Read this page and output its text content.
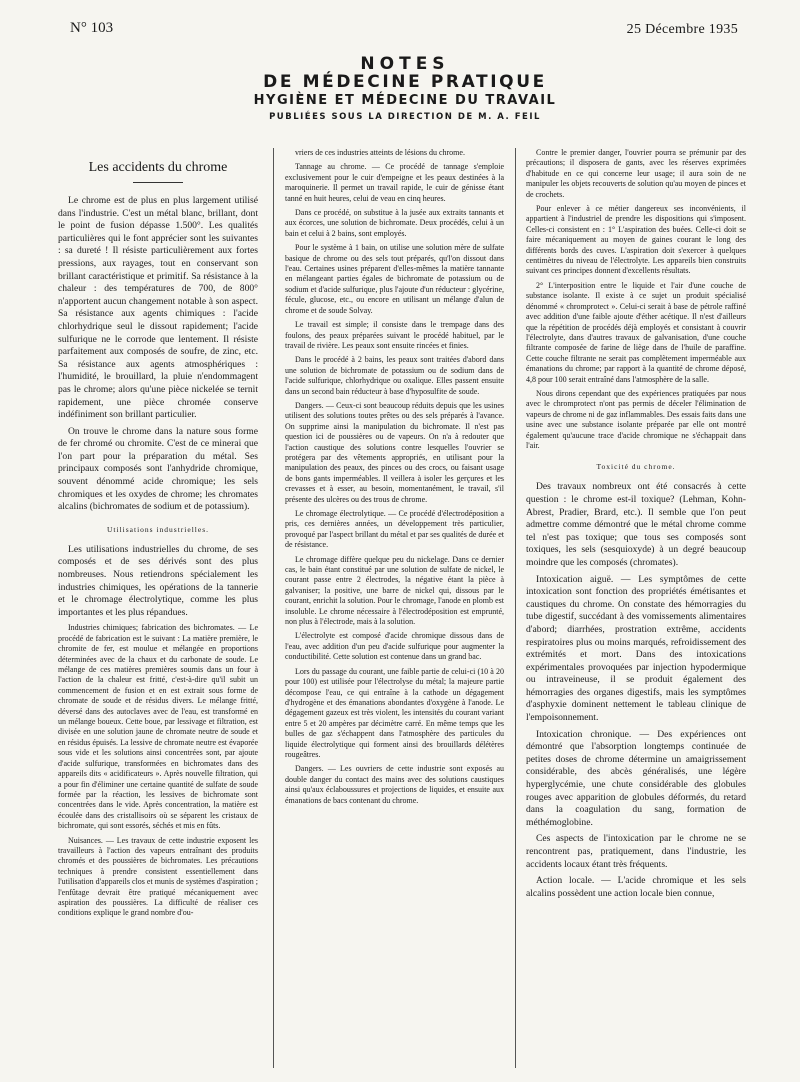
N° 103	25 Décembre 1935
NOTES
DE MÉDECINE PRATIQUE
HYGIÈNE ET MÉDECINE DU TRAVAIL
PUBLIÉES SOUS LA DIRECTION DE M. A. FEIL
Les accidents du chrome

Le chrome est de plus en plus largement utilisé dans l'industrie. C'est un métal blanc, brillant, dont le point de fusion dépasse 1.500°. Les qualités particulières qui le font apprécier sont les suivantes : sa dureté ! Il résiste particulièrement aux fortes pressions, aux rayages, tout en conservant son brillant caractéristique et primitif. Sa résistance à la chaleur : des températures de 700, de 800° n'apportent aucun changement notable à son aspect. Sa résistance aux agents chimiques : l'acide chlorhydrique seul le dissout rapidement; l'acide sulfurique ne le corrode que lentement. Il résiste parfaitement aux composés de soufre, de zinc, etc. Sa résistance aux agents atmosphériques : l'humidité, le brouillard, la pluie n'endommagent pas le chrome; alors qu'une pièce nickelée se ternit rapidement, une pièce chromée conserve indéfiniment son brillant particulier.

On trouve le chrome dans la nature sous forme de fer chromé ou chromite. C'est de ce minerai que l'on part pour la préparation du métal. Ses principaux composés sont l'anhydride chromique, souvent dénommé acide chromique; les sels chromiques et les oxydes de chrome; les chromates alcalins (bichromates de sodium et de potassium).

Utilisations industrielles.

Les utilisations industrielles du chrome, de ses composés et de ses dérivés sont des plus nombreuses. Nous retiendrons spécialement les industries chimiques, les opérations de la tannerie et le chromage électrolytique, comme les plus importantes et les plus répandues.

Industries chimiques; fabrication des bichromates. — Le procédé de fabrication est le suivant : La matière première, le chromite de fer, est moulue et mélangée en proportions déterminées avec de la chaux et du carbonate de soude. Le mélange de ces matières premières soumis dans un four à l'action de la chaleur est fritté, c'est-à-dire qu'il subit un commencement de fusion et en est extrait sous forme de chromate de soude et de résidus divers. Le mélange fritté, déversé dans des autoclaves avec de l'eau, est transformé en un mélange boueux. Cette boue, par lessivage et filtration, est divisée en une solution jaune de chromate neutre de soude et en résidus épuisés. La lessive de chromate neutre est évaporée sous vide et les solutions ainsi concentrées sont, par ajoute d'acide sulfurique, transformées en bichromates dans des appareils dits « acidificateurs ». Après nouvelle filtration, qui a pour fin d'éliminer une certaine quantité de sulfate de soude formée par la réaction, les lessives de bichromate sont concentrées dans le vide. Après concentration, la matière est écoulée dans des cristallisoirs où se séparent les cristaux de bichromate, qui sont essorés, séchés et mis en fûts.

Nuisances. — Les travaux de cette industrie exposent les travailleurs à l'action des vapeurs entraînant des produits chromés et des poussières de bichromates. Les précautions techniques à prendre consistent essentiellement dans l'utilisation d'appareils clos et munis de systèmes d'aspiration ; l'enfûtage devrait être pratiqué mécaniquement avec aspiration des poussières. La difficulté de réaliser ces conditions explique le grand nombre d'ou-

vriers de ces industries atteints de lésions du chrome.

Tannage au chrome. — Ce procédé de tannage s'emploie exclusivement pour le cuir d'empeigne et les peaux destinées à la maroquinerie. Il permet un travail rapide, le cuir de génisse étant tanné en huit heures, celui de veau en cinq heures.

Dans ce procédé, on substitue à la jusée aux extraits tannants et aux écorces, une solution de bichromate. Deux procédés, celui à un bain et celui à 2 bains, sont employés.

Pour le système à 1 bain, on utilise une solution mère de sulfate basique de chrome ou des sels tout préparés, qu'l'on dissout dans l'eau. Certaines usines préparent d'elles-mêmes la matière tannante en mélangeant parties égales de bichromate de potassium ou de sodium et d'acide sulfurique, plus l'ajoute d'un réducteur : glycérine, fécule, glucose, etc., ou encore en utilisant un mélange d'alun de chrome et de soude Solvay.

Le travail est simple; il consiste dans le trempage dans des foulons, des peaux préparées suivant le procédé habituel, par le travail de rivière. Les peaux sont ensuite rincées et finies.

Dans le procédé à 2 bains, les peaux sont traitées d'abord dans une solution de bichromate de potassium ou de sodium dans de l'acide sulfurique, chlorhydrique ou oxalique. Elles passent ensuite dans un second bain réducteur à base d'hyposulfite de soude.

Dangers. — Ceux-ci sont beaucoup réduits depuis que les usines utilisent des solutions toutes prêtes ou des sels préparés à l'avance. On supprime ainsi la manipulation du bichromate. Il n'est pas question ici de poussières ou de vapeurs. On n'a à redouter que l'action caustique des solutions contre lesquelles l'ouvrier se protégera par des vêtements appropriés, en utilisant pour la manipulation des peaux, des pinces ou des crocs, ou faisant usage de bons gants imperméables. Il veillera à isoler les gerçures et les crevasses et à esser, au besoin, momentanément, le travail, s'il présente des ulcères ou des trous de chrome.

Le chromage électrolytique. — Ce procédé d'électrodéposition a pris, ces dernières années, un développement très particulier, provoqué par l'aspect brillant du métal et par ses qualités de durée et de résistance.

Le chromage diffère quelque peu du nickelage. Dans ce dernier cas, le bain étant constitué par une solution de sulfate de nickel, le courant passe entre 2 électrodes, la négative étant la pièce à galvaniser; la positive, une barre de nickel qui, dissous par le courant, enrichit la solution. Pour le chromage, l'anode en plomb est insoluble. Le chrome nécessaire à l'électrodéposition est emprunté, non plus à l'électrode, mais à la solution.

L'électrolyte est composé d'acide chromique dissous dans de l'eau, avec addition d'un peu d'acide sulfurique pour augmenter la conductibilité. Cette solution est contenue dans un grand bac.

Lors du passage du courant, une faible partie de celui-ci (10 à 20 pour 100) est utilisée pour l'électrolyse du métal; la majeure partie décompose l'eau, ce qui entraîne à la cathode un dégagement d'hydrogène et des émanations abondantes d'oxygène à l'anode. Le dégagement gazeux est très violent, les intensités du courant variant entre 5 et 20 ampères par décimètre carré. En même temps que les bulles de gaz s'échappent dans l'atmosphère des particules du liquide électrolytique qui forment ainsi des brouillards délétères rougeâtres.

Dangers. — Les ouvriers de cette industrie sont exposés au double danger du contact des mains avec des solutions caustiques ainsi qu'aux éclaboussures et projections de liquides, et ensuite aux émanations de bacs contenant du chrome.

Contre le premier danger, l'ouvrier pourra se prémunir par des précautions; il disposera de gants, avec les réserves exprimées d'habitude en ce qui concerne leur usage; il aura soin de ne manipuler les objets recouverts de solution qu'au moyen de pinces et de crochets.

Pour enlever à ce métier dangereux ses inconvénients, il appartient à l'industriel de prendre les dispositions qui s'imposent. Celles-ci consistent en : 1° L'aspiration des buées. Celle-ci doit se faire mécaniquement au moyen de gaines courant le long des différents bords des cuves. L'aspiration doit s'exercer à quelques centimètres du niveau de l'électrolyte. Les appareils bien construits suivant ces principes donnent d'excellents résultats.

2° L'interposition entre le liquide et l'air d'une couche de substance isolante. Il existe à ce sujet un produit spécialisé dénommé « chromprotect ». Celui-ci serait à base de pétrole raffiné avec addition d'une faible ajoute d'éther acétique. Il n'est d'ailleurs que la répétition de procédés déjà employés et consistant à couvrir l'électrolyte, dans d'autres travaux de galvanisation, d'une couche filtrante composée de farine de liège dans de l'huile de paraffine. Cette couche filtrante ne serait pas complètement imperméable aux émanations du chrome; par rapport à la quantité de chrome déposé, 4,8 pour 100 serait entraîné dans l'atmosphère de la salle.

Nous dirons cependant que des expériences pratiquées par nous avec le chromprotect n'ont pas permis de déceler l'élimination de vapeurs de chrome ni de gaz inflammables. Des essais faits dans une usine avec une substance isolante préparée par elle ont montré également qu'aucune trace d'acide chromique ne s'échappait dans l'air.

Toxicité du chrome.

Des travaux nombreux ont été consacrés à cette question : le chrome est-il toxique? (Lehman, Kohn-Abrest, Pradier, Brard, etc.). Il semble que l'on peut admettre comme démontré que le métal chrome comme tel n'est pas toxique; que tous ses composés sont toxiques, les sels (sesquioxyde) à un degré beaucoup moindre que les composés (chromates).

Intoxication aiguë. — Les symptômes de cette intoxication sont fonction des propriétés émétisantes et caustiques du chrome. On constate des hémorragies du tube digestif, succédant à des vomissements alimentaires d'abord; diarrhées, prostration extrême, accidents respiratoires plus ou moins marqués, refroidissement des extrémités et mort. Dans des intoxications expérimentales provoquées par injection hypodermique ou intraveineuse, il se produit également des hémorragies des organes digestifs, mais les symptômes d'asphyxie dominent nettement le tableau clinique de l'empoisonnement.

Intoxication chronique. — Des expériences ont démontré que l'absorption longtemps continuée de petites doses de chrome détermine un amaigrissement considérable, des abcès généralisés, une légère hyperglycémie, une chute considérable des globules rouges avec apparition de globules déformés, du retard dans la coagulation du sang, formation de méthémoglobine.

Ces aspects de l'intoxication par le chrome ne se rencontrent pas, pratiquement, dans l'industrie, les accidents locaux étant très fréquents.

Action locale. — L'acide chromique et les sels alcalins possèdent une action locale bien connue,
